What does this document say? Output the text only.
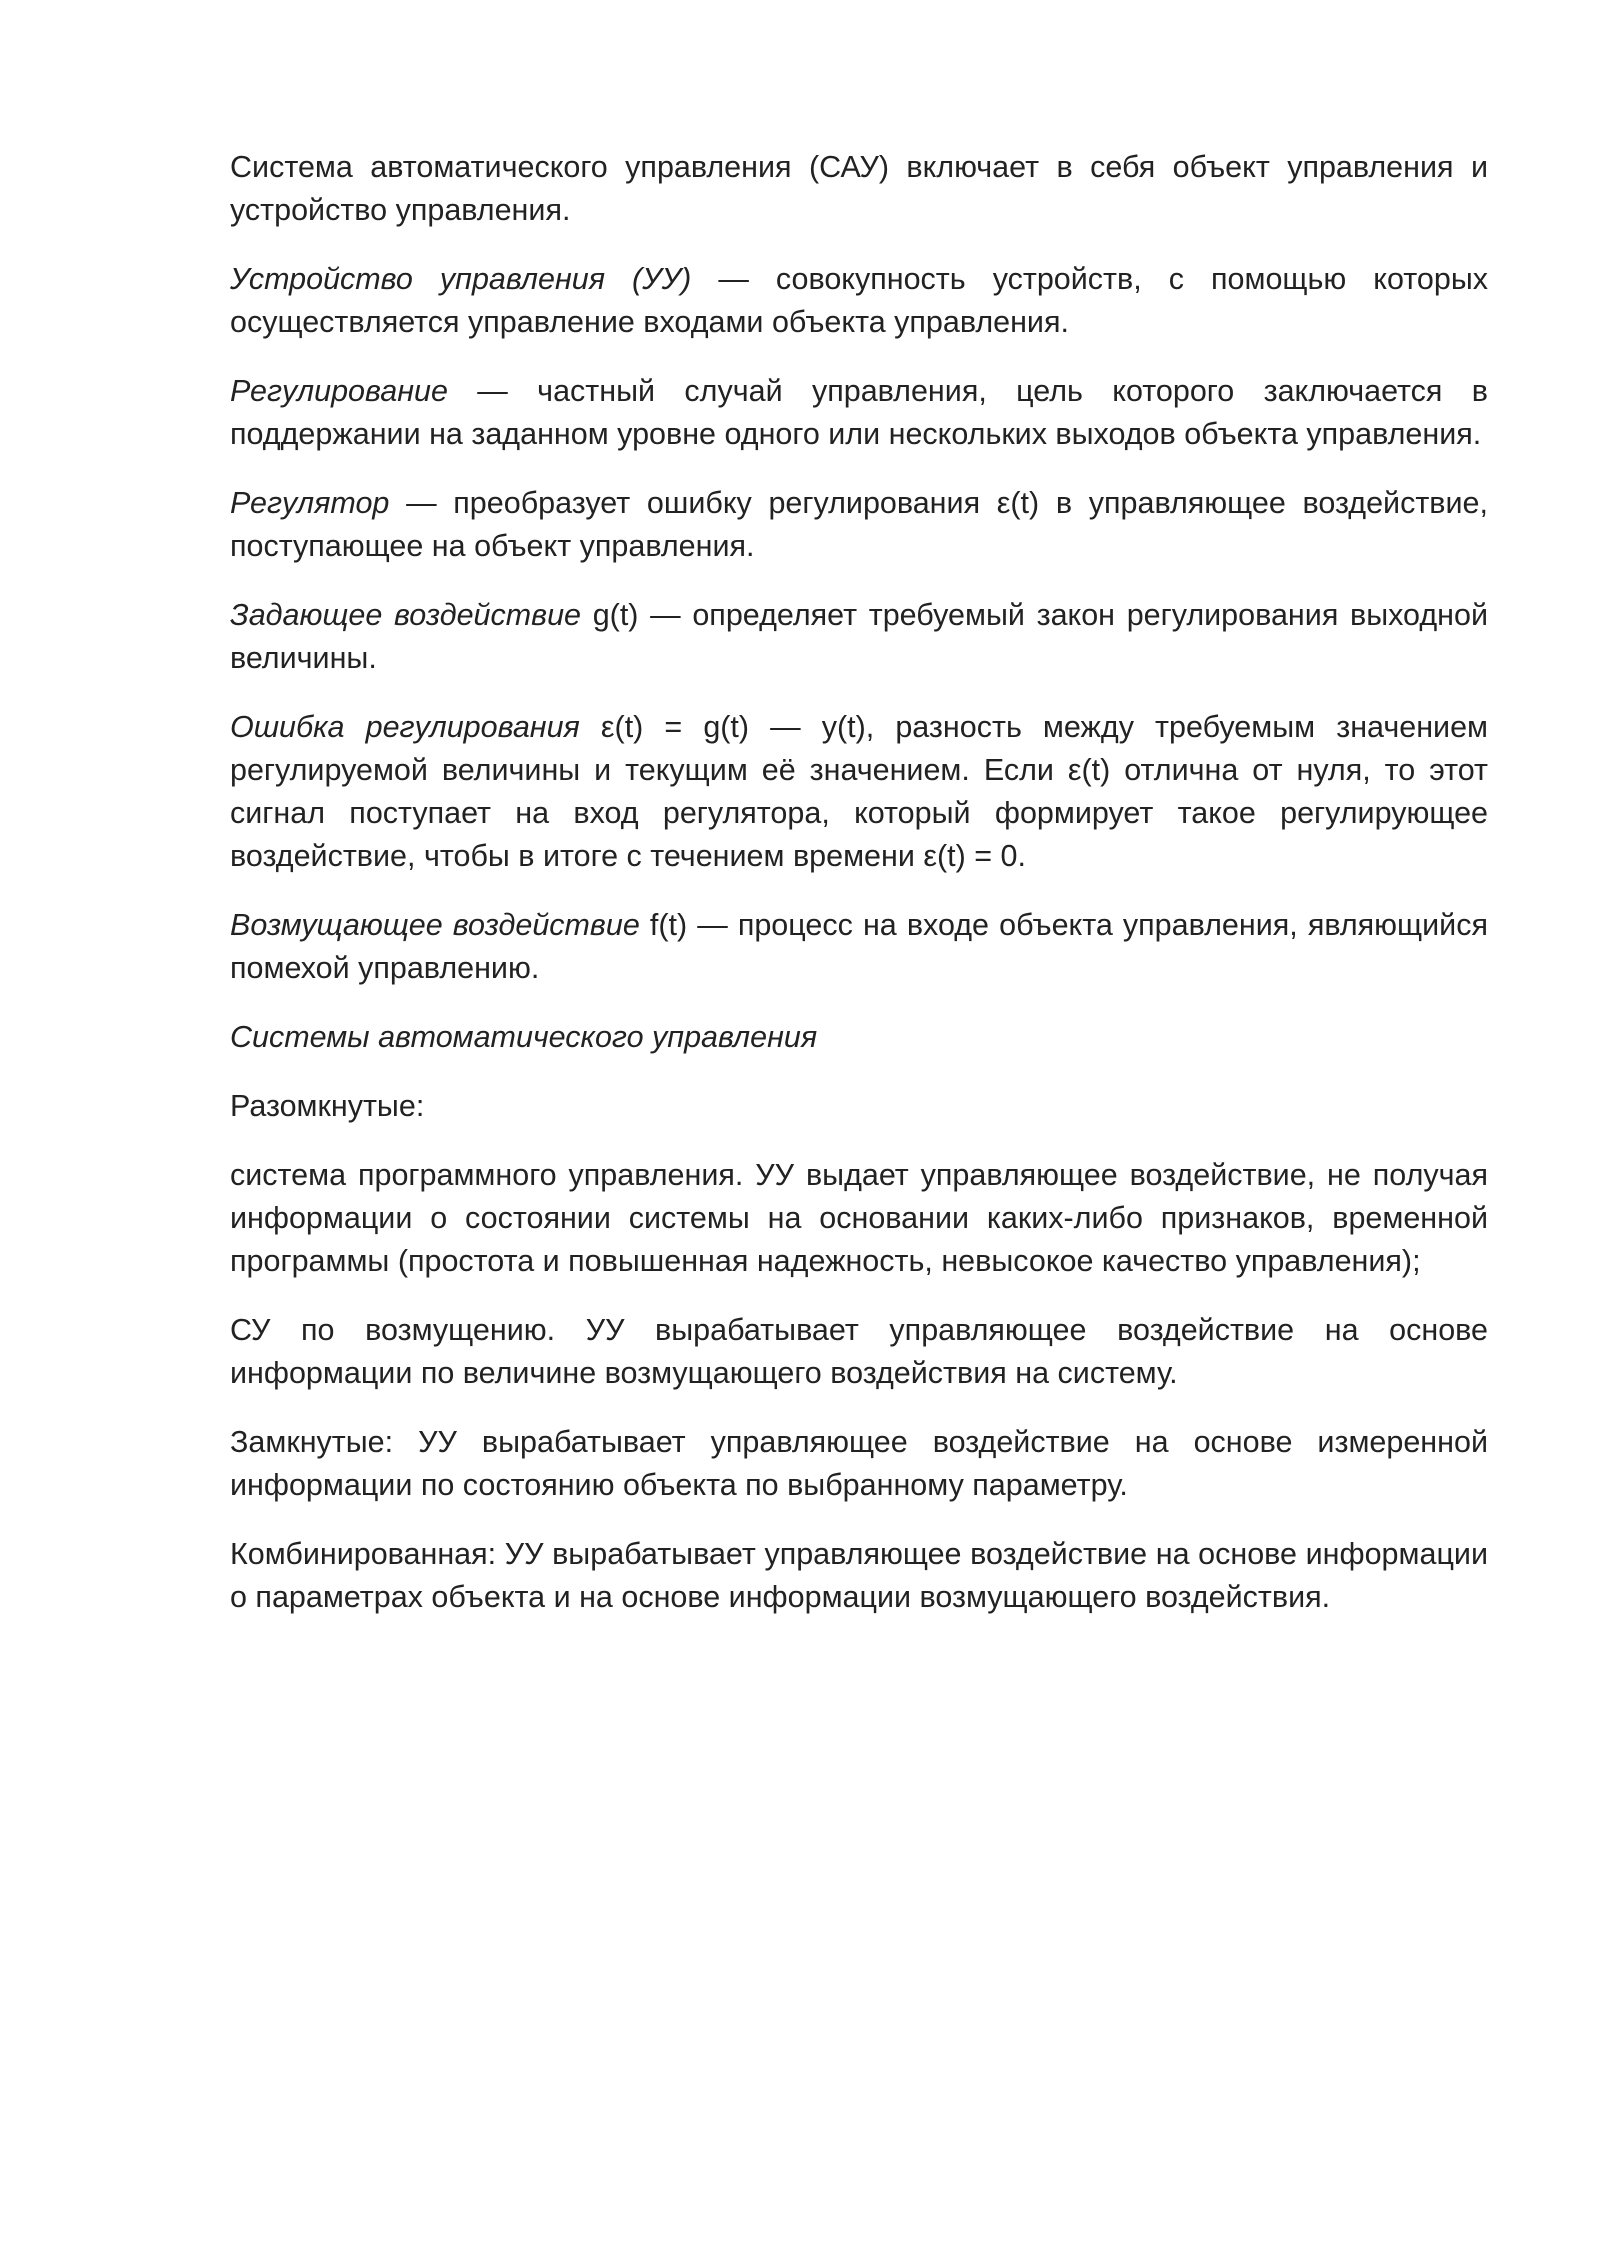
Система автоматического управления (САУ) включает в себя объект управления и устройство управления.

Устройство управления (УУ) — совокупность устройств, с помощью которых осуществляется управление входами объекта управления.

Регулирование — частный случай управления, цель которого заключается в поддержании на заданном уровне одного или нескольких выходов объекта управления.

Регулятор — преобразует ошибку регулирования ε(t) в управляющее воздействие, поступающее на объект управления.

Задающее воздействие g(t) — определяет требуемый закон регулирования выходной величины.

Ошибка регулирования ε(t) = g(t) — y(t), разность между требуемым значением регулируемой величины и текущим её значением. Если ε(t) отлична от нуля, то этот сигнал поступает на вход регулятора, который формирует такое регулирующее воздействие, чтобы в итоге с течением времени ε(t) = 0.

Возмущающее воздействие f(t) — процесс на входе объекта управления, являющийся помехой управлению.

Системы автоматического управления

Разомкнутые:

система программного управления. УУ выдает управляющее воздействие, не получая информации о состоянии системы на основании каких-либо признаков, временной программы (простота и повышенная надежность, невысокое качество управления);

СУ по возмущению. УУ вырабатывает управляющее воздействие на основе информации по величине возмущающего воздействия на систему.

Замкнутые: УУ вырабатывает управляющее воздействие на основе измеренной информации по состоянию объекта по выбранному параметру.

Комбинированная: УУ вырабатывает управляющее воздействие на основе информации о параметрах объекта и на основе информации возмущающего воздействия.
